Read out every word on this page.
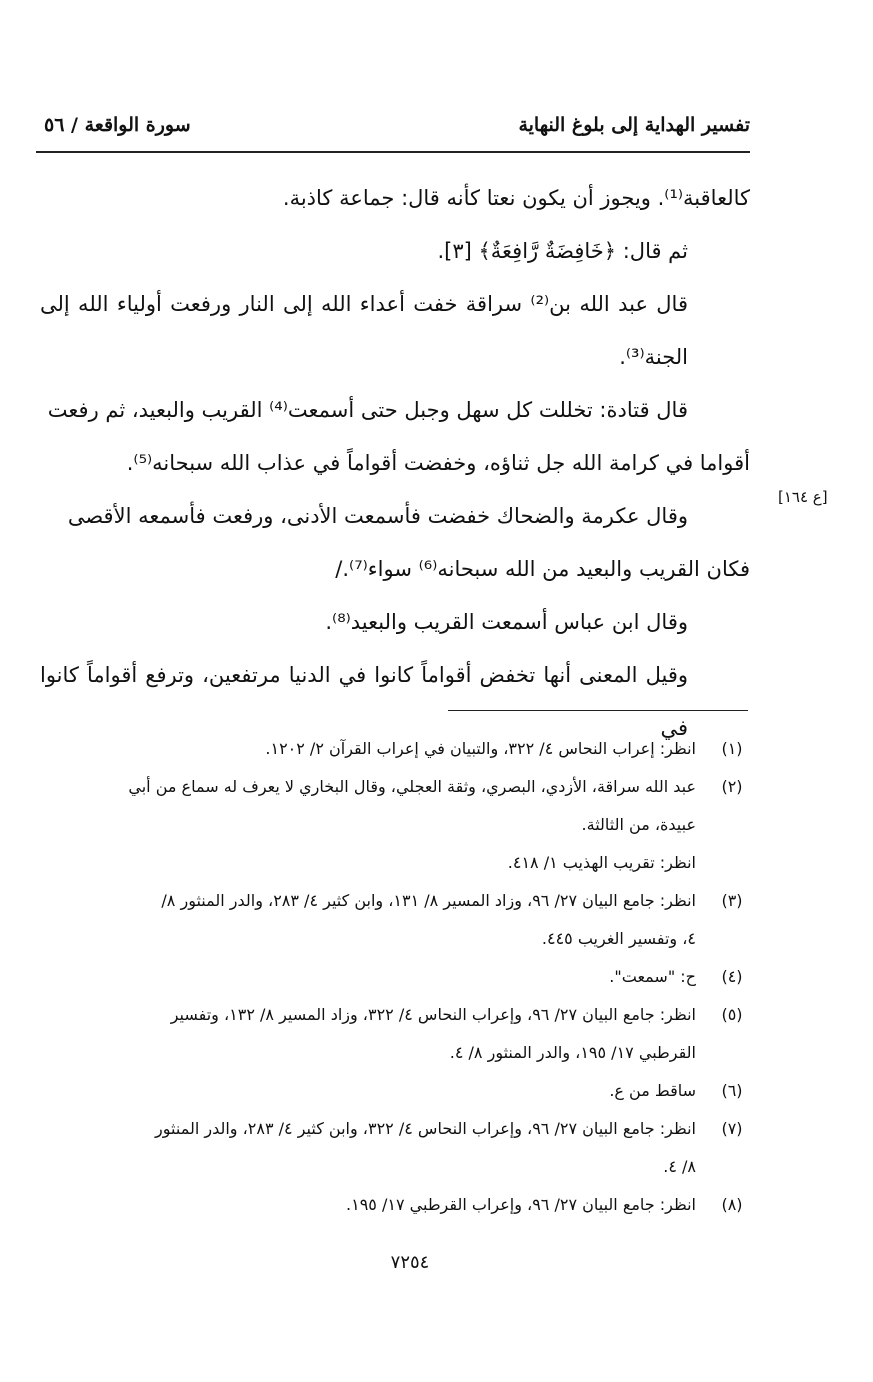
تفسير الهداية إلى بلوغ النهاية
سورة الواقعة / ٥٦

كالعاقبة⁽¹⁾. ويجوز أن يكون نعتا كأنه قال: جماعة كاذبة.

ثم قال: ﴿خَافِضَةٌ رَّافِعَةٌ﴾ [٣].

قال عبد الله بن⁽²⁾ سراقة خفت أعداء الله إلى النار ورفعت أولياء الله إلى الجنة⁽³⁾.

قال قتادة: تخللت كل سهل وجبل حتى أسمعت⁽⁴⁾ القريب والبعيد، ثم رفعت

أقواما في كرامة الله جل ثناؤه، وخفضت أقواماً في عذاب الله سبحانه⁽⁵⁾.

وقال عكرمة والضحاك خفضت فأسمعت الأدنى، ورفعت فأسمعه الأقصى

فكان القريب والبعيد من الله سبحانه⁽⁶⁾ سواء⁽⁷⁾./

وقال ابن عباس أسمعت القريب والبعيد⁽⁸⁾.

وقيل المعنى أنها تخفض أقواماً كانوا في الدنيا مرتفعين، وترفع أقواماً كانوا في

[ع ١٦٤]
(١)
انظر: إعراب النحاس ٤/ ٣٢٢، والتبيان في إعراب القرآن ٢/ ١٢٠٢.
(٢)
عبد الله سراقة، الأزدي، البصري، وثقة العجلي، وقال البخاري لا يعرف له سماع من أبي
عبيدة، من الثالثة.
انظر: تقريب الهذيب ١/ ٤١٨.
(٣)
انظر: جامع البيان ٢٧/ ٩٦، وزاد المسير ٨/ ١٣١، وابن كثير ٤/ ٢٨٣، والدر المنثور ٨/
٤، وتفسير الغريب ٤٤٥.
(٤)
ح: "سمعت".
(٥)
انظر: جامع البيان ٢٧/ ٩٦، وإعراب النحاس ٤/ ٣٢٢، وزاد المسير ٨/ ١٣٢، وتفسير
القرطبي ١٧/ ١٩٥، والدر المنثور ٨/ ٤.
(٦)
ساقط من ع.
(٧)
انظر: جامع البيان ٢٧/ ٩٦، وإعراب النحاس ٤/ ٣٢٢، وابن كثير ٤/ ٢٨٣، والدر المنثور
٨/ ٤.
(٨)
انظر: جامع البيان ٢٧/ ٩٦، وإعراب القرطبي ١٧/ ١٩٥.
٧٢٥٤
